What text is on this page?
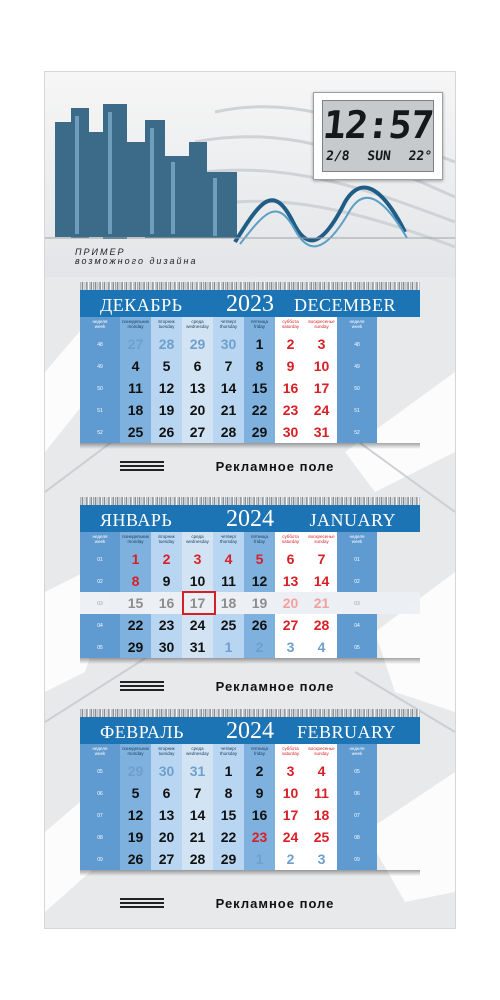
12:57
2/8 SUN 22°
ПРИМЕР
возможного дизайна
ДЕКАБРЬ	2023	DECEMBER
неделя
week
понедельник
monday
вторник
tuesday
среда
wednesday
четверг
thursday
пятница
friday
суббота
saturday
воскресенье
sunday
неделя
week
48	27	28	29	30	1	2	3	48
49	4	5	6	7	8	9	10	49
50	11	12	13	14	15	16	17	50
51	18	19	20	21	22	23	24	51
52	25	26	27	28	29	30	31	52
Рекламное поле
ЯНВАРЬ	2024	JANUARY
неделя
week
понедельник
monday
вторник
tuesday
среда
wednesday
четверг
thursday
пятница
friday
суббота
saturday
воскресенье
sunday
неделя
week
01	1	2	3	4	5	6	7	01
02	8	9	10	11	12	13	14	02
03	15	16	17	18	19	20	21	03
04	22	23	24	25	26	27	28	04
05	29	30	31	1	2	3	4	05
Рекламное поле
ФЕВРАЛЬ	2024	FEBRUARY
неделя
week
понедельник
monday
вторник
tuesday
среда
wednesday
четверг
thursday
пятница
friday
суббота
saturday
воскресенье
sunday
неделя
week
05	29	30	31	1	2	3	4	05
06	5	6	7	8	9	10	11	06
07	12	13	14	15	16	17	18	07
08	19	20	21	22	23	24	25	08
09	26	27	28	29	1	2	3	09
Рекламное поле
